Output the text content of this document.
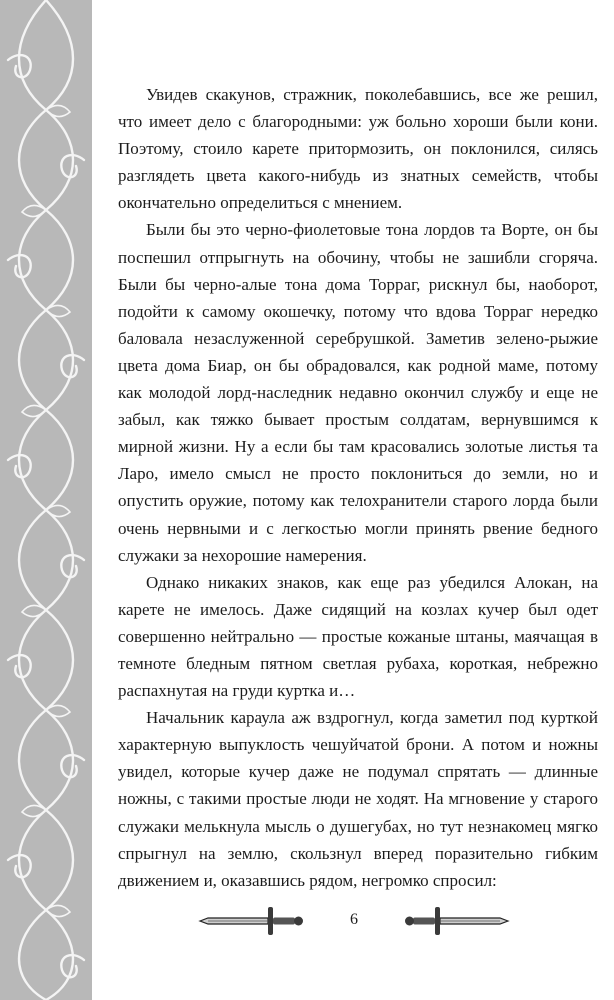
Увидев скакунов, стражник, поколебавшись, все же решил, что имеет дело с благородными: уж больно хороши были кони. Поэтому, стоило карете притормозить, он поклонился, силясь разглядеть цвета какого-нибудь из знатных семейств, чтобы окончательно определиться с мнением.

Были бы это черно-фиолетовые тона лордов та Ворте, он бы поспешил отпрыгнуть на обочину, чтобы не зашибли сгоряча. Были бы черно-алые тона дома Торраг, рискнул бы, наоборот, подойти к самому окошечку, потому что вдова Торраг нередко баловала незаслуженной серебрушкой. Заметив зелено-рыжие цвета дома Биар, он бы обрадовался, как родной маме, потому как молодой лорд-наследник недавно окончил службу и еще не забыл, как тяжко бывает простым солдатам, вернувшимся к мирной жизни. Ну а если бы там красовались золотые листья та Ларо, имело смысл не просто поклониться до земли, но и опустить оружие, потому как телохранители старого лорда были очень нервными и с легкостью могли принять рвение бедного служаки за нехорошие намерения.

Однако никаких знаков, как еще раз убедился Алокан, на карете не имелось. Даже сидящий на козлах кучер был одет совершенно нейтрально — простые кожаные штаны, маячащая в темноте бледным пятном светлая рубаха, короткая, небрежно распахнутая на груди куртка и…

Начальник караула аж вздрогнул, когда заметил под курткой характерную выпуклость чешуйчатой брони. А потом и ножны увидел, которые кучер даже не подумал спрятать — длинные ножны, с такими простые люди не ходят. На мгновение у старого служаки мелькнула мысль о душегубах, но тут незнакомец мягко спрыгнул на землю, скользнул вперед поразительно гибким движением и, оказавшись рядом, негромко спросил:

6
